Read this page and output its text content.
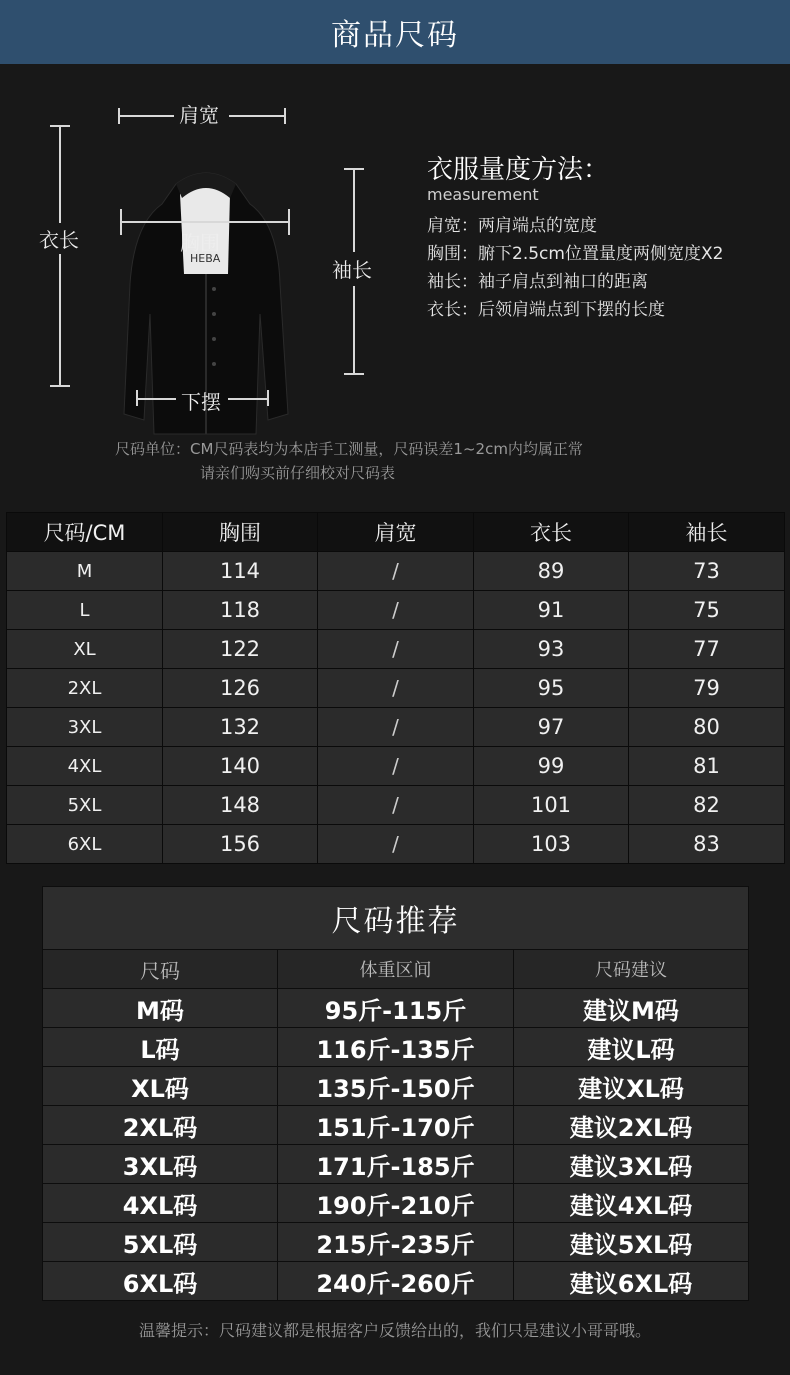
商品尺码
肩宽
衣长
HEBA
胸围
袖长
下摆
衣服量度方法：
measurement
肩宽：两肩端点的宽度
胸围：腑下2.5cm位置量度两侧宽度X2
袖长：袖子肩点到袖口的距离
衣长：后领肩端点到下摆的长度
尺码单位：CM尺码表均为本店手工测量，尺码误差1~2cm内均属正常
请亲们购买前仔细校对尺码表
尺码/CM	胸围	肩宽	衣长	袖长
M	114	/	89	73
L	118	/	91	75
XL	122	/	93	77
2XL	126	/	95	79
3XL	132	/	97	80
4XL	140	/	99	81
5XL	148	/	101	82
6XL	156	/	103	83
尺码推荐		
尺码	体重区间	尺码建议
M码	95斤-115斤	建议M码
L码	116斤-135斤	建议L码
XL码	135斤-150斤	建议XL码
2XL码	151斤-170斤	建议2XL码
3XL码	171斤-185斤	建议3XL码
4XL码	190斤-210斤	建议4XL码
5XL码	215斤-235斤	建议5XL码
6XL码	240斤-260斤	建议6XL码
温馨提示：尺码建议都是根据客户反馈给出的，我们只是建议小哥哥哦。
